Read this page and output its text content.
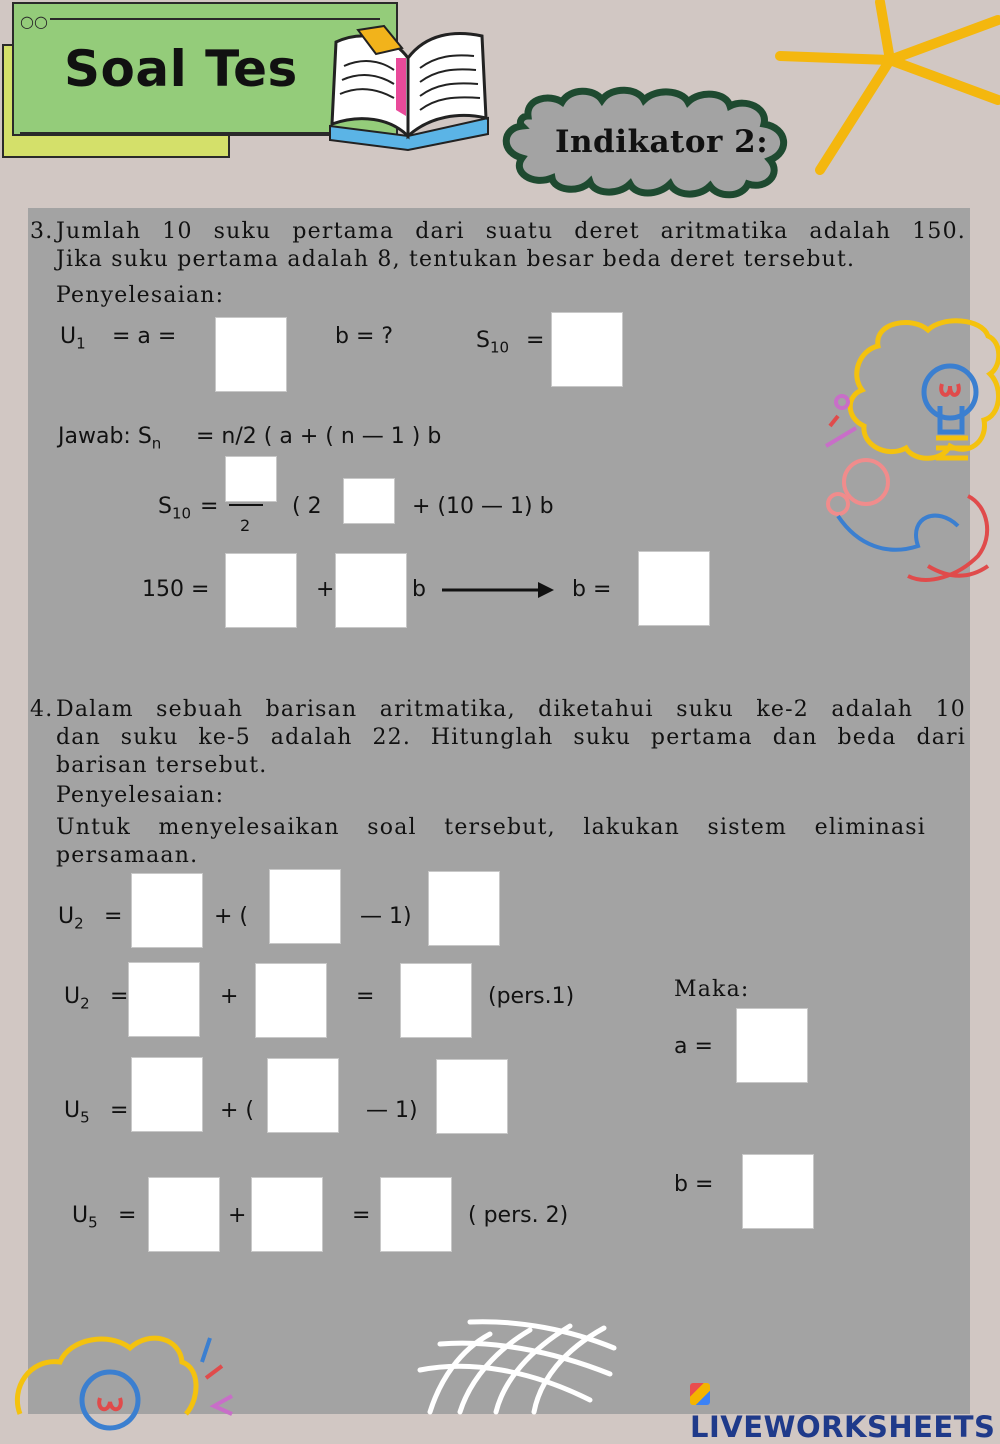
○○
Soal Tes
Indikator 2:
3. Jumlah 10 suku pertama dari suatu deret aritmatika adalah 150.
Jika suku pertama adalah 8, tentukan besar beda deret tersebut.
Penyelesaian:
$U_1 = a$ =	b = ?	$S_{10}$ =
Jawab: $S_n = n/2$ ( a + ( n — 1 ) b
$S_{10}$ =
2
( 2	+ (10 — 1) b
150 =	+	b	b =
4. Dalam sebuah barisan aritmatika, diketahui suku ke-2 adalah 10
dan suku ke-5 adalah 22. Hitunglah suku pertama dan beda dari
barisan tersebut.
Penyelesaian:
Untuk menyelesaikan soal tersebut, lakukan sistem eliminasi
persamaan.
$U_2$ =	+ (	— 1)
$U_2$ =	+	=	(pers.1)	Maka:
a =
$U_5$ =	+ (	— 1)
b =
$U_5$ =	+	=	( pers. 2)
LIVEWORKSHEETS
